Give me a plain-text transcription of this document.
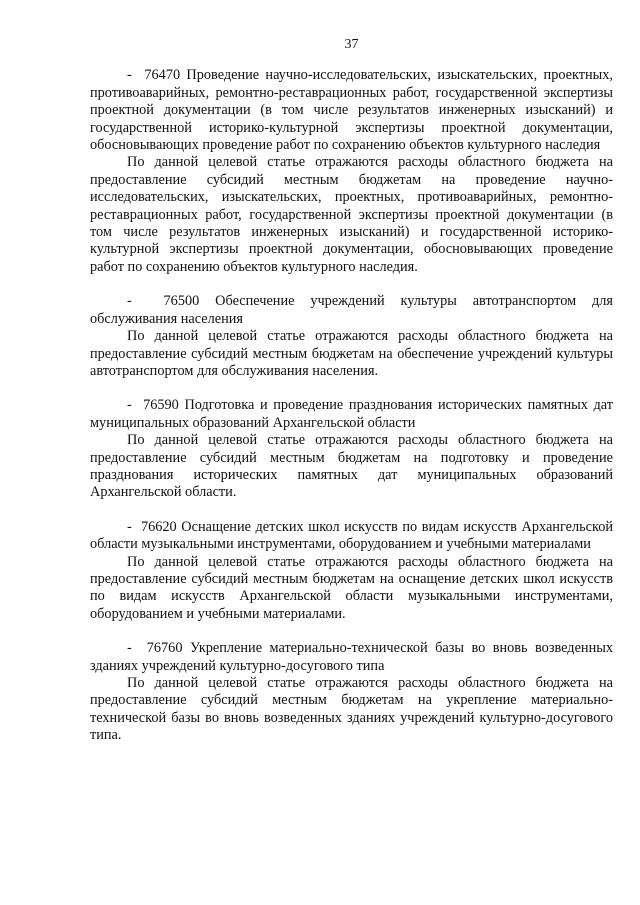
37

- 76470 Проведение научно-исследовательских, изыскательских, проектных, противоаварийных, ремонтно-реставрационных работ, государственной экспертизы проектной документации (в том числе результатов инженерных изысканий) и государственной историко-культурной экспертизы проектной документации, обосновывающих проведение работ по сохранению объектов культурного наследия

По данной целевой статье отражаются расходы областного бюджета на предоставление субсидий местным бюджетам на проведение научно-исследовательских, изыскательских, проектных, противоаварийных, ремонтно-реставрационных работ, государственной экспертизы проектной документации (в том числе результатов инженерных изысканий) и государственной историко-культурной экспертизы проектной документации, обосновывающих проведение работ по сохранению объектов культурного наследия.

- 76500 Обеспечение учреждений культуры автотранспортом для обслуживания населения

По данной целевой статье отражаются расходы областного бюджета на предоставление субсидий местным бюджетам на обеспечение учреждений культуры автотранспортом для обслуживания населения.

- 76590 Подготовка и проведение празднования исторических памятных дат муниципальных образований Архангельской области

По данной целевой статье отражаются расходы областного бюджета на предоставление субсидий местным бюджетам на подготовку и проведение празднования исторических памятных дат муниципальных образований Архангельской области.

- 76620 Оснащение детских школ искусств по видам искусств Архангельской области музыкальными инструментами, оборудованием и учебными материалами

По данной целевой статье отражаются расходы областного бюджета на предоставление субсидий местным бюджетам на оснащение детских школ искусств по видам искусств Архангельской области музыкальными инструментами, оборудованием и учебными материалами.

- 76760 Укрепление материально-технической базы во вновь возведенных зданиях учреждений культурно-досугового типа

По данной целевой статье отражаются расходы областного бюджета на предоставление субсидий местным бюджетам на укрепление материально-технической базы во вновь возведенных зданиях учреждений культурно-досугового типа.
